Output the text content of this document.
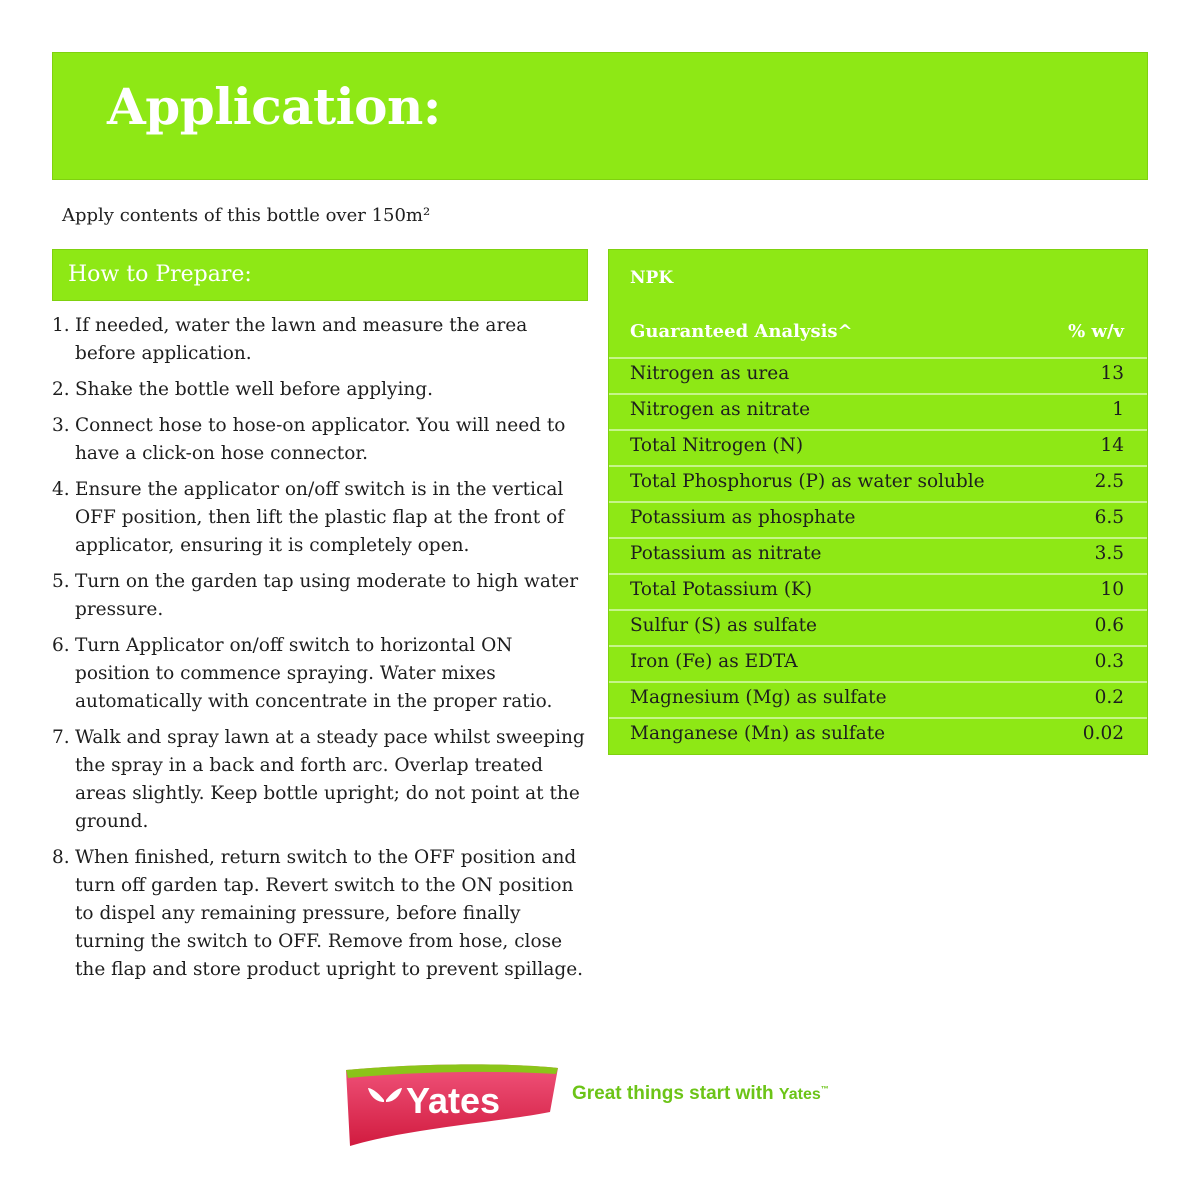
Application:

Apply contents of this bottle over 150m²

How to Prepare:
1. If needed, water the lawn and measure the area before application.
2. Shake the bottle well before applying.
3. Connect hose to hose-on applicator. You will need to have a click-on hose connector.
4. Ensure the applicator on/off switch is in the vertical OFF position, then lift the plastic flap at the front of applicator, ensuring it is completely open.
5. Turn on the garden tap using moderate to high water pressure.
6. Turn Applicator on/off switch to horizontal ON position to commence spraying. Water mixes automatically with concentrate in the proper ratio.
7. Walk and spray lawn at a steady pace whilst sweeping the spray in a back and forth arc. Overlap treated areas slightly. Keep bottle upright; do not point at the ground.
8. When finished, return switch to the OFF position and turn off garden tap. Revert switch to the ON position to dispel any remaining pressure, before finally turning the switch to OFF. Remove from hose, close the flap and store product upright to prevent spillage.
NPK
Guaranteed Analysis^	% w/v
Nitrogen as urea	13
Nitrogen as nitrate	1
Total Nitrogen (N)	14
Total Phosphorus (P) as water soluble	2.5
Potassium as phosphate	6.5
Potassium as nitrate	3.5
Total Potassium (K)	10
Sulfur (S) as sulfate	0.6
Iron (Fe) as EDTA	0.3
Magnesium (Mg) as sulfate	0.2
Manganese (Mn) as sulfate	0.02
Yates	Great things start with Yates™
